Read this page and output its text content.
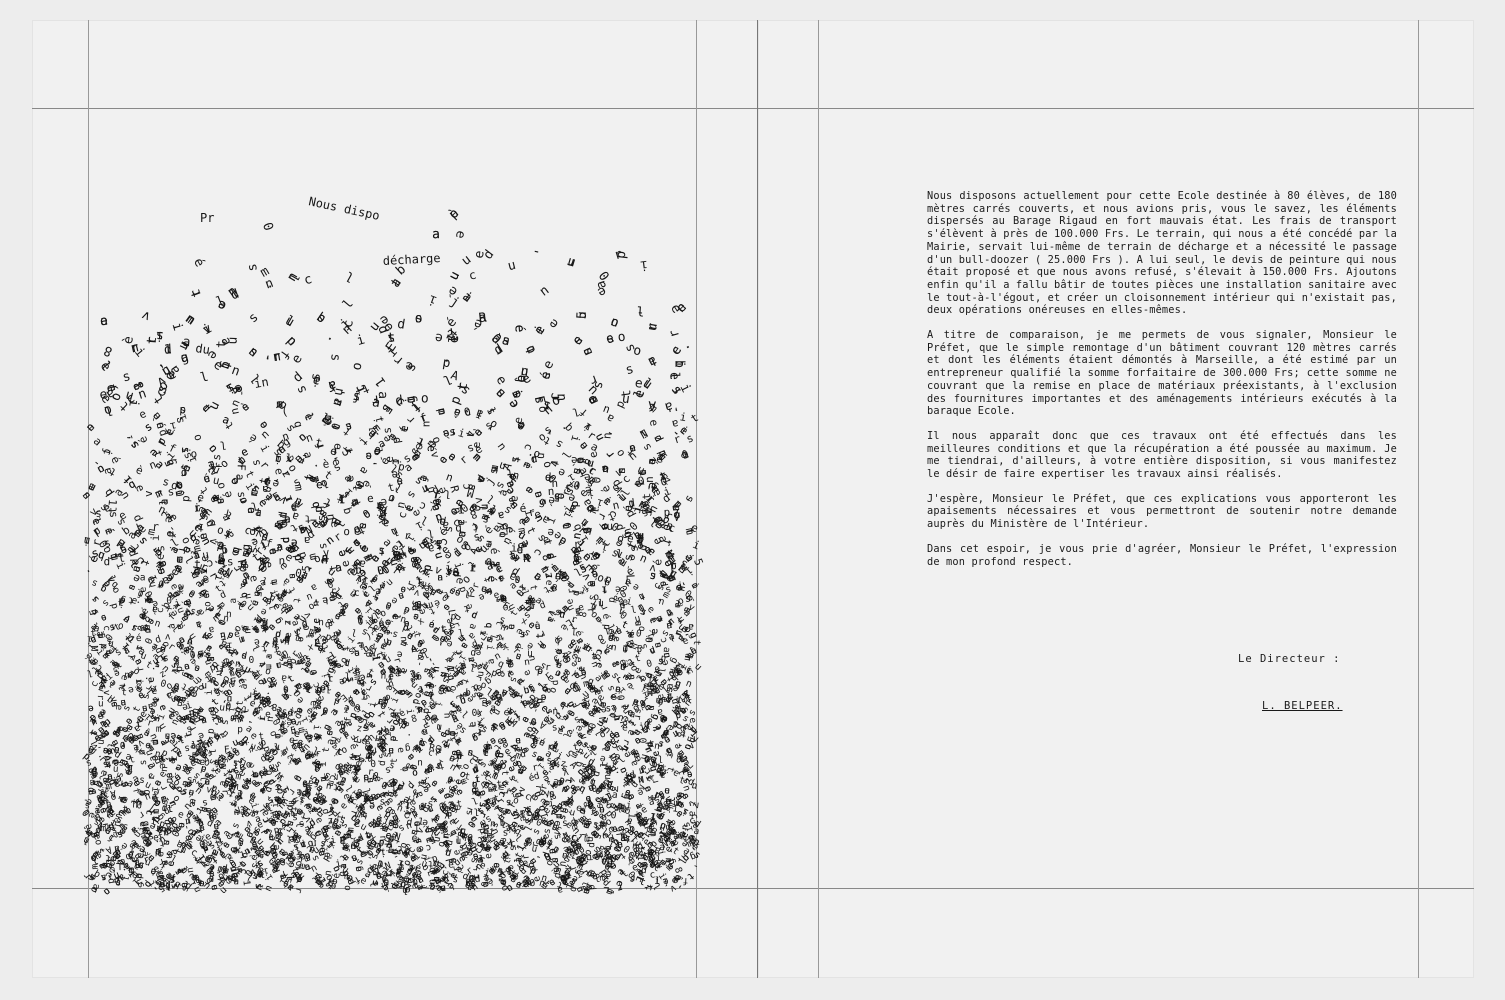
N
o
u
s
d
i
s
p
o
s
o
n
s
a
c
t
u
e
l
l
e
m
e
n
t
p
o
u
r
c
e
t
t
e
E
c
o
l
e
d
e
s
t
i
n
é
e
à
8
0
é
l
è
v
e
s
,
d
e
1
8
0
m
è
t
r
e
s
c
a
r
r
é
s
c
o
u
v
e
r
t
s
,
e
t
n
o
u
s
a
v
i
o
n
s
p
r
i
s
,	v
o
u
s	l
e
s
a
v
e
z
,
l
e
s
é
l
é
m
e
n
t
s
d
i
s
p
e
r
s
é
s
a
u
B
a
r
a
g
e
R
i
g
a
u
d
e
n
f
o
r
t
m
a
u
v
a
i
s
é
t
a
t
.
L
e
s
f
r
a
i
s
d
e
t
r
a
n
s
p
o
r
t
s
'
é
l
è
v
e
n
t
à
p
r
è
s
d
e
1
0
0
.
0
0
0
F
r
s
.
L
e
t
e
r
r
a
i
n
,
q
u
i
n
o
u
s
a
é
t
é
c
o
n
c
é
d
é
p
a
r
l
a
M
a
i
r	i
e
,
s
e
r
v
a
i
t
l
u
i
-
m
ê
m
e
d
e
t
e
r
r
a
i
n
d
e
d
é
c
h
a
r
g
e
e
t
a
n
é
c
e
s
s
i
t
é
l
e
p
a
s
s
a
g
e
d
'
u
n
b
u
l
l
-
d
o
o
z
e
r
(
2
5
.
0
0
0
F
r
s
)
.
A
l
u
i
s
e
u
l
,
l	e
d
e
v
i
s
d
e
p
e
i
n
t
u
r
e
q
u
i
n
o
u
s
é
t
a
i
t
p
r
o
p
o
s
é
e
t
q
u
e
n
o
u
s
a
v
o
n
s
r
e
f
u
s
é
,
s
'
é
l
e
v
a
i
t
à
1
5
0
.
0
0
0
F
r
s
.
A
j
o
u
t
o
n
s
e
n
f
i
n
q
u
'
i
l
a
f
a
l
l
u
b
â
t
i
r
d
e
t
o
u
t
e
s
p
i
è
c
e
s
u
n
e
i
n
s
t
a
l
l
a
t
i
o
n
s
a
n
i
t
a
i
r
e
a
v
e
c
l
e
t	o
u
t
-
à
-
l
'	é
g
o
u
t
,
e
t
c
r
é
e
r
u
n
c
l
o
i
s
o
n
n
e
m
e
n
t
i
n
t
é
r
i
e
u
r
q
u
i
n
'
e
x
i
s
t
a
i
t
p
a
s
,
d
e
u
x
o
p
é
r
a
t
i
o
n
s
o
n
é
r
e
u
s
e
s
e
n
e
l
l
e
s
-
m
ê
m
e
s
.
N
o
u
s
d
i
s
p
o
s
o
n
s
a
c
t
u
e
l
l
e
m
e
n
t
p
o
u
r
c
e
t
t
e
E
c
o
l
e
d
e
s
t
i
n
é
e
à
8
0
é
l
è
v
e
s
,
d
e
1
8
0
m
è
t
r
e
s
c
a
r
r
é
s
c
o
u
v
e
r
t
s
,
e
t
n
o
u
s
a
v
i
o
n
s
p
r
i
s
,
v
o
u
s
l
e
s
a
v
e
z
,
l
e
s
é
l
é
m
e
n
t
s
d
i
s
p
e
r
s
é
s
a
u
B
a
r
a
g
e
R
i
g
a
u
d
e
n
f
o
r
t
m
a
u
v
a	i
s
é
t
a
t
.
L
e
s
f
r
a
i
s
d
e
t
r
a n
s
p
o
r
t
s
'	é
l
è
v
e
n
t
à
p
r	è
s
d
e
1
0
0
.
0
0
0
F
r
s
.
L
e
t
e
r
r
a
i
n
,
q
u
i
n
o
u
s
a
é
t
é
c
o
n
c
é
d
é
p
a
r
l
a
M
a
i
r
i
e
,
s
e
r
v
a
i
t
l
u
i
-
m
ê
m
e
d
e
t
e
r
r
a	i
n
d
e
d
é
c
h
a
r
g
e
e
t
a
n
é
c
e
s
s
i
t
é	l
e
p
a
s
s
a
g
e
d
'
u
n
b
u
l
l
-
d
o
o
z
e
r
(
2
5
.	0
0
0
F
r
s
)
.
A
l	u
i
s
e
u
l
,
l
e
d
e
v
i	s
d
e
p
e
i
n
t
u
r
e
q
u
i
n
o
u
s
é
t
a
i
t
p
r
o
p
o
s
é
e
t
q
u
e
n
o
u	s
a
v
o
n
s
r
e
f
u
s
é
,
s
'
é
l
e
v
a
i
t
à
1
5
0
.
0
0
0
F
r
s
.
A
j
o
u
t
o
n
s
e
n
f
i
n
q
u
'
i
l
a
f
a
l
l
u
b
â
t
i
r
d
e
t
o
u
t
e
s
p
i
è
c
e
s
u
n
e
i
n
s
t
a
l
l
a
t
i
o
n
s
a
n
i
t
a
i
r
e
a
v
e
c
l
e
t
o
u
t
-
à
-
l
'
é
g
o
u
t
,
e	t
c
r
é
e
r
u
n
c
l
o
i
s
o
n
n
e
m
e
n
t
i
n
t
é
r
i
e
u
r
q
u
i
n
'
e
x
i
s
t
a
i
t
p
a
s
,
d
e
u
x
o
p
é
r
a
t
i
o
n
s
o
n
é
r
e
u
s
e
s
e
n
e
l
l
e
s
-
m
ê
m
e
s
.
N
o
u
s
d
i
s
p
o
s
o
n
s
a
c
t
u
e
l	l
e
m
e
n
t
p
o
u
r
c
e
t
t
e
E
c
o
l
e
d
e
s
t
i
n
é
e
à
8
0
é
l
è
v
e
s
,
d
e
1
8
0
m
è
t
r
e
s
c
a
r
r
é
s
c
o
u
v
e
r
t
s
,
e
t
n
o
u
s
a
v
i
o
n
s
p
r
i
s
,
v
o
u
s
l
e
s
a
v
e
z
,
l
e
s
é
l
é
m	e
n
t
s
d
i
s
p
e
r
s
é
s
a
u
B
a
r
a
g
e
R
i	g
a
u
d
e
n
f
o
r
t
m
a
u
v
a
i
s
é
t	a
t
.
L
e
s
f
r
a
i
s
d
e
t
r
a
n
s
p
o
r
t
s
'
é
l
è
v
e
n
t
à
p
r
è
s
d
e
1
0
0
.
0
0
0
F
r
s
.
L
e
t
e
r
r
a
i
n
,
q
u
i
n
o
u
s
a
é
t
é
c
o
n
c
é
d
é
p
a
r
l
a
M
a
i
r
i
e
,
s
e
r
v
a	i
t
l
u
i
-
m
ê
m
e
d
e
t
e
r
r
a
i
n
d
e	d
é
c
h
a
r
g
e
e
t
a
n
é
c
e
s
s
i
t
é
l
e
p
a
s
s
a
g
e
d
'
u
n
b
u
l
l
-
d
o
o
z
e
r
(
2
5
.
0
0
0
F
r
s
)
.
A
l
u
i	s
e
u
l
,
l
e
d
e
v
i
s
d
e
p
e
i	n
t
u
r
e
q
u
i
n
o
u
s	é
t
a
i
t
p
r
o
p
o
s
é
e
t
q
u
e
n
o
u
s
a
v
o
n
s
r
e
f
u
s
é
,
s
'
é
l
e
v
a
i
t
à
1
5
0
.
0
0
0
F
r
s
.
A
j
o
u
t
o
n
s
e
n
f
i
n
q
u
'	i
l
a
f
a
l
l
u
b
â
t
i
r
d
e
t
o
u
t
e
s
p
i
è
c
e
s
u
n
e
i
n
s
t
a
l
l
a
t
i
o
n
s
a
n
i
t
a
i
r
e
a
v
e
c
l
e
t
o
u
t
-
à
-
l
'
é
g
o
u
t
,
e
t
c
r
é
e
r
u
n
c
l
o
i
s
o
n
n
e
m
e
n
t
i
n
t
é
r
i
e
u
r
q
u	i
n
'
e
x
i
s
t
a
i
t
p
a
s
,
d
e
u
x
o
p
é
r
a
t
i
o
n
s
o
n
é
r
e
u
s
e
s
e
n
e
l
l
e
s
-
m
ê
m
e
s
.
N
o
u
s
d
i
s
p
o
s
o
n
s
a
c
t
u
e
l
l
e
m
e
n
t
p
o
u
r
c
e
t
t
e
E
c
o
l
e
d
e
s
t
i
n
é
e
à
8
0
é
l
è
v
e
s
,
d
e
1
8
0
m
è
t
r
e
s
c
a
r
r
é
s
c
o
u
v
e
r
t
s
,
e
t
n
o
u
s
a
v
i
o
n
s
p
r
i
s
,
v
o
u
s
l
e
s
a
v
e
z
,
l
e
s
é
l
é
m
e
n
t
s
d
i
s
p
e
r
s
é
s
a
u
B
a
r
a
g
e
R
i
g
a
u
d
e
n
f
o
r
t
m
a
u
v
a
i
s
é
t
a
t
.
L
e
s
f
r
a
i
s	d
e
t
r
a
n
s
p
o
r
t
s
'
é
l
è
v
e
n
t
à
p
r
è
s
d
e
1
0
0
.
0
0
0
F
r
s
.
L
e
t
e
r
r
a
i
n
,
q
u
i
n
o
u
s
a
é
t
é
c
o
n
c
é
d
é
p
a
r
l
a
M
a
i
r
i
e
,
s
e
r
v
a
i
t
l
u
i
-
m
ê
m
e
d
e
t
e
r
r
a
i
n
d
e
d
é
c
h
a
r
g
e
e
t
a
n
é
c
e
s
s
i
t
é
l
e
p
a
s
s
a
g
e
d
'
u
n
b
u
l
l
-
d
o
o
z
e
r
(
2
5
.
0
0
0
F
r
s
)
.
A
l
u
i
s
e
u
l
,
l
e
d
e
v
i
s
d
e
p
e
i
n
t
u
r
e
q
u
i
n
o
u
s
é
t
a
i
t
p
r
o
p
o
s
é
e
t
q
u
e
n
o
u
s
a
v
o
n
s
r
e
f
u
s
é
,
s
'
é
l
e
v
a
i
t
à
1
5
0
.
0
0
0
F
r
s
.
A
j
o
u
t
o
n	s
e
n	f
i
n
q
u
'
i
l
a
f
a
l
l
u
b
â
t
i
r
d
e
t
o
u
t
e
s
p
i
è
c
e
s
u
n
e
i
n
s
t
a
l
l
a
t
i
o
n
s
a
n
i
t
a
i
r
e
a
v
e
c
l
e
t
o
u
t
-
à
-
l
'
é
g
o
u
t
,
e
t
c
r
é	e
r
u
n
c
l
o
i
s
o
n
n
e
m
e
n
t
i
n
t
é
r
i
e
u
r
q
u
i
n
'
e
x
i
s
t
a
i
t
p
a
s
,
d
e
u
x
o
p
é
r
a
t
i
o
n
s
o
n
é
r
e
u
s
e
s
e
n
e
l
l
e
s
-
m
ê
m
e
s
.
N
o
u
s
d
i
s
p
o
s
o
n
s
a
c
t
u
e
l
l
e
m
e
n
t
p
o
u
r
c
e
t
t
e
E
c
o
l
e
d
e
s
t
i
n
é
e
à
8
0
é
l
è
v
e
s	,
d
e
1
8
0
m
è
t	r
e
s
c
a
r
r
é
s
c
o
u
v
e
r
t
s
,
e
t
n
o
u
s
a
v
i
o
n
s
p
r
i
s
,
v
o
u
s
l
e
s
a
v
e
z
,
l
e
s
é
l
é
m
e
n
t
s
d
i
s
p
e
r
s
é
s
a
u
B
a
r
a
g
e
R
i
g
a
u
d
e
n
f
o
r
t
m
a
u	v
a
i
s
é
t
a
t
.
L
e
s
f
r
a
i
s
d
e
t
r
a
n
s
p
o
r
t
s
'
é
l
è
v
e
n
t
à
p
r
è
s
d
e
1
0
0
.
0
0
0
F
r
s
.
L
e
t
e
r
r
a
i
n
,
q
u
i
n
o
u
s
a
é
t
é
c
o
n
c
é
d
é
p
a
r
l
a
M
a
i
r
i
e
,
s
e
r
v
a
i
t
l
u
i
-
m
ê
m
e
d
e
t
e
r
r
a
i
n
d
e
d
é
c
h
a
r
g
e
e
t
a
n
é
c
e
s
s
i
t
é
l
e
p
a
s
s
a
g
e
d
'
u
n
b
u
l
l
-
d
o
o
z
e
r
(
2
5
.
0
0
0
F
r
s
)
.
A
l
u
i
s
e
u
l
,
l
e
d
e
v
i
s
d
e
p
e
i
n
t
u
r
e
q
u
i
n
o
u
s
é
t
a
i
t
p
r	o
p
o
s
é
e
t
q
u
e
n
o
u
s
a
v
o
n
s
r
e
f
u
s
é
,
s
'
é
l
e
v
a
i	t
à
1
5
0
.
0
0
0
F
r
s
.
A
j
o
u
t
o
n
s
e
n
f
i
n
q
u
'	i
l
a
f
a
l
l
u
b
â
t
i
r
d
e
t
o
u
t
e
s
p
i
è
c
e
s
u
n
e
i
n
s
t
a
l
l
a
t
i
o
n
s
a
n
i
t
a
i
r
e
a
v
e
c
l
e
t
o
u
t
-
à
-
l
'
é
g
o
u
t
,
e
t
c
r
é
e
r
u
n
c
l
o
i
s
o
n
n
e
m
e
n
t
i
n
t
é
r
i
e
u
r
q
u
i
n
'
e	x
i
s
t
a
i
t
p
a
s
,
d
e
u
x
o
p
é
r
a
t
i
o
n
s
o
n
é
r
e
u
s
e
s
e
n
e
l
l
e
s
-
m
ê
m
e
s
.
N
o
u
s
d
i
s
p
o
s
o	n
s
a
c
t
u
e
l
l
e
m
e	n
t
p
o
u
r
c
e
t
t
e
E
c
o
l
e
d
e
s
t
i
n
é
e
à
8
0
é
l
è
v
e
s
,
d
e
1
8
0
m
è
t
r
e
s
c
a
r
r
é
s
c
o	u
v
e
r
t
s
,
e
t
n
o
u
s
a
v
i
o
n
s
p
r
i
s
,
v
o
u
s
l
e
s
a
v
e
z
,
l
e
s
é
l
é
m
e
n
t
s
d
i
s
p
e
r
s
é
s
a
u
B
a
r
a
g
e
R
i
g
a
u
d
e
n	f
o
r
t
m
a
u
v
a
i
s
é
t
a
t
.
L
e
s
f
r
a
i
s
d
e
t
r
a
n
s
p
o
r
t
s
'
é
l
è
v
e
n
t
à
p
r
è
s
d
e	1
0
0
.
0
0
0
F
r
s
.
L
e
t
e
r
r
a
i
n
,
q
u
i
n
o
u
s
a
é
t
é
c
o
n
c
é
d
é
p
a
r
l
a
M
a
i
r
i
e
,
s
e
r
v
a
i
t
l
u
i
-
m
ê
m
e
d
e
t
e
r
r
a
i
n
d
e
d
é
c
h
a
r
g
e
e
t
a
n
é
c
e
s
s
i
t
é
l
e
p
a
s
s
a
g
e
d
'
u
n
b
u
l
l
-
d
o
o
z
e
r
(
2
5
.
0
0
0
F
r
s
)
.
A
l
u
i
s
e
u
l
,
l
e
d
e
v
i
s
d
e
p
e
i
n
t
u
r
e
q
u
i
n
o
u
s
é
t
a
i
t
p
r
o
p
o
s
é
e
t
q
u
e
n
o
u
s
a
v
o
n
s
r
e
f
u
s
é
,
s
'
é
l
e
v
a
i
t
à
1
5
0
.
0
0
0
F
r
s
.
A
j
o
u
t
o
n
s
e
n
f
i	n
q
u '
i
l
a
f
a
l
l
u
b
â
t
i
r
d
e
t
o
u
t
e
s
p
i
è
c
e
s
u
n
e
i
n
s
t
a
l
l
a
t
i
o
n
s
a
n
i
t
a
i
r
e
a
v
e
c
l
e
t
o
u
t
-
à
-
l
'
é
g
o
u
t
,
e
t
c
r
é
e
r
u
n
c
l
o
i
s
o
n
n
e
m
e
n
t
i
n
t
é
r
i
e
u
r
q
u
i
n
'
e
x
i
s
t
a
i
t
p
a
s
,
d
e
u
x
o
p
é
r
a
t
i
o
n
s
o
n
é
r
e
u
s
e
s
e
n
e
l
l
e
s
-
m
ê
m
e
s
.
N
o
u
s
d
i
s
p
o
s
o
n	s
a
c
t
u
e
l
l
e
m
e
n
t
p
o
u
r
c
e
t
t
e
E
c
o
l
e
d
e
s
t
i
n
é
e
à
8
0
é
l
è
v
e
s
,	d
e
1
8
0
m
è
t
r
e
s
c
a
r
r
é
s
c
o
u
v
e
r
t
s
,
e
t
n
o
u
s	a
v
i
o
n
s
p
r
i
s
,
v
o
u
s
l
e
s
a
v
e
z
,
l
e
s
é
l
é
m
e
n
t
s
d
i
s
p
e
r
s
é
s
a
u
B
a
r
a
g
e
R
i
g
a
u
d
e
n
f
o
r
t
m
a
u
v
a
i
s
é
t
a
t
.
L
e
s
f
r
a
i
s
d
e
t
r
a
n
s
p
o
r
t
s
'
é
l	è
v
e
n
t
à
p
r
è
s
d
e
1
0
0
.
0
0
0
F
r
s
.
L
e
t
e
r
r	a
i
n
,
q
u
i
n
o
u
s
a
é
t
é
c
o
n
c
é
d
é
p
a
r
l
a
M
a
i
r
i
e
,
s
e
r
v
a
i
t
l
u
i
-
m
ê
m
e
d
e
t
e
r
r
a
i
n
d
e
d
é
c
h
a
r
g
e
e
t
a
n
é
c
e
s
s
i
t
é
l
e
p
a
s
s
a
g
e
d
'
u
n
b
u
l
l
-
d
o
o
z
e
r
(
2
5
.
0
0
0
F
r
s
)
.
A
l
u
i
s	e
u
l
,
l
e
d
e
v
i
s
d
e
p
e
i
n
t
u
r
e
q
u
i
n
o
u
s
é
t
a
i
t
p
r
o
p
o
s
é
e
t
q
u
e
n
o
u
s
a
v
o
n
s
r
e
f
u
s
é
,
s
'
é
l
e
v
a
i
t
à
1
5
0
.
0
0
0
F
r
s
.
A
j
o
u
t
o	n
s
e
n
f
i
n
q
u
'
i
l
a
f
a
l
l
u
b
â
t
i
r
d
e
t
o
u
t
e
s
p
i
è
c
e
s
u
n
e
i
n
s
t
a
l
l
a
t
i
o
n
s
a
n
i
t
a
i
r
e
a
v
e	c
l
e
t
o
u
t
-
à
-
l
'
é
g
o
u
t
,
e
t
c
r
é
e
r
u
n
c
l
o
i
s
o
n
n
e
m
e
n
t
i
n
t
é
r
i
e
u
r
q
u
i
n
'
e
x
i
s
t
a
i
t
p
a
s
,
d
e
u
x
o
p
é
r
a
t
i
o
n
s
o
n
é
r
e
u
s
e
s
e
n
e
l
l
e
s
-
m
ê
m
e
s
.
N
o
u
s
d
i
s
p
o
s
o
n
s
a
c
t
u
e
l
l
e
m
e
n
t
p
o
u
r
c
e
t
t
e
E
c
o
l
e
d
e
s
t
i
n
é
e
à
8
0
é
l
è
v
e
s
,
d
e
1
8
0
m
è
t
r
e
s
c
a
r
r
é
s
c
o
u
v
e
r
t
s
,
e
t
n
o
u
s
a
v
i
o
n
s
p
r
i
s
,
v
o
u
s
l
e
s
a
v
e
z
,
l
e
s
é
l
é
m
e
n
t
s
d
i
s
p
e
r
s
é
s
a
u
B
a
r
a
g
e
R
i
g
a
u
d
e
n
f
o
r
t
m
a
u
v
a
i
s
é
t
a
t
.
L
e
s
f
r
a
i
s
d
e
t
r
a
n
s
p
o
r
t
s
'
é
l
è
v
e
n
t
à
p
r
è
s
d
e
1
0
0
.
0
0
0
F
r
s
.
L
e
t
e
r
r
a
i
n
,
q u
i
n
o
u
s
a
é
t
é
c
o
n
c
é
d
é
p
a
r
l
a
M
a
i
r
i
e
,
s
e
r
v
a
i
t
l
u
i
-	m
ê
m
e
d
e
t
e
r
r
a
i
n
d
e
d
é
c
h
a
r
g
e
e
t
a
n
é
c
e
s
s
i
t
é
l
e
p
a
s
s
a
g
e
d
'
u
n
b
u
l
l
-
d
o
o
z
e
r
(
2
5
.
0
0
0
F
r
s
)
.
A
l
u
i
s
e
u
l
,
l
e
d
e
v
i
s
d
e
p
e
i
n
t
u
r
e
q
u
i
n
o
u
s
é
t
a
i
t
p
r
o
p
o
s
é
e
t
q
u
e
n
o
u
s
a
v
o
n
s
r
e
f
u
s
é
,	s
'
é
l
e
v
a
i
t
à
1
5
0
.
0
0
0
F
r
s
.
A
j
o
u
t
o
n
s
e
n
f
i
n
q
u
'
i
l
a
f	a
l
l
u
b
â
t
i
r
d
e
t
o
u
t
e
s
p
i
è
c
e
s
u
n
e
i
n
s
t
a
l
l
a
t
i
o
n
s
a
n
i
t
a
i
r
e
a
v
e
c
l
e
t
o
u
t
-
à
-
l
'
é
g
o
u
t
,
e
t
c
r
é
e
r
u
n
c
l
o
i
s
o
n
n
e
m
e
n
t
i
n
t
é
r
i
e
u
r
q
u
i
n
'
e
x
i
s
t
a
i
t
p
a
s
,
d
e
u
x
o
p
é
r
a
t
i
o
n
s
o
n
é
r
e
u
s
e
s
e
n
e
l
l
e
s
-
m
ê
m
e
s
.
N
o
u
s
d
i
s
p
o
s
o
n
s
a
c
t
u
e
l
l
e
m
e
n
t
p
o
u
r
c
e
t
t
e
E
c
o
l
e
d
e	s
t
i
n
é
e
à
8
0
é
l
è
v
e
s
,
d
e
1
8
0
m
è
t
r
e
s
c
a
r
r
é
s
c
o
u
v
e
r
t
s
,
e
t
n
o
u
s
a
v
i
o
n
s
p	r
i
s
,
v
o
u
s
l
e
s
a
v
e
z
,
l
e
s
é
l
é
m
e
n
t
s
d
i
s
p
e
r
s
é
s
a
u
B
a
r
a
g
e
R
i
g
a
u
d
e
n
f
o
r	t
m
a
u
v
a
i
s
é
t
a
t
.
L
e
s
f
r
a
i
s
d
e
t
r
a
n
s
p
o
r
t
s
'
é
l
è
v
e
n
t
à
p
r
è
s
d
e
1
0
0
.
0
0
0
F
r
s
.
L
e t
e
r
r
a
i
n
,
q
u
i
n
o
u
s
a
é
t
é
c
o
n
c
é
d
é
p
a
r
l
a
M
a
i
r
i
e
,
s
e
r
v
a
i
t
l
u
i
-
m
ê
m
e
d
e
t
e
r
r
a
i
n
d
e
d
é
c
h
a
r
g
e
e
t
a
n
é
c
e
s
s
i
t
é
l
e
p
a
s
s
a
g
e
d
'
u
n
b
u
l
l
-
d
o
o
z
e
r
(
2
5
.
0
0
0
F
r
s
)
.
A
l
u
i
s
e
u
l
,
l
e
d
e
v
i
s
d
e
p
e
i
n
t
u
r
e
q
u
i
n
o
u
s
é
t
a
i
t
p
r
o
p
o
s
é
e
t
q
u
e
n
o
u
s
a
v
o
n
s
r
e
f
u
s
é
,
s
'
é
l
e
v
a
i
t
à
1
5
0
.
0
0
0
F
r
s
.
A
j
o
u
t
o
n
s
e
n
f
i
n
q
u
'
i
l
a
f
a
l
l
u
b
â
t
i
r
d
e
t
o
u
t
e
s
p
i
è
c
e
s
u
n
e
i
n
s
t
a
l
l
a
t
i
o
n
s
a
n
i
t
a
i
r
e
a
v
e
c
l
e
t
o
u
t
-
à
-
l
'
é
g
o
u
t
,
e
t
c
r
é
e
r
u
n
c
l	o
i
s
o
n
n
e
m
e
n
t
i
n
t
é
r
i
e
u
r
q
u
i
n
'
e
x
i
s
t
a
i
t
p
a
s
,
d
e
u
x
o
p
é
r
a
t
i
o
n
s
o
n
é
r
e
u
s
e
s
e
n
e
l
l
e
s
-
m
ê
m
e
s
.
N
o
u
s
d
i
s
p
o
s
o
n
s
a
c
t
u
e
l
l
e
m
e
n
t
p
o
u
r
c
e
t
t
e
E
c
o
l
e
d
e
s
t
i
n
é
e
à
8
0
é
l
è
v
e
s
,
d
e
1
8
0
m
è
t
r
e
s
c
a
r
r
é
s
c
o
u
v
e
r
t
s
,
e
t
n
o
u
s
a
v
i
o
n
s
p
r
i
s
,
v
o
u
s
l
e
s
a
v
e
z
,
l
e
s
é
l
é
m
e
n
t
s
d
i
s
p
e
r
s
é
s
a
u
B
a
r
a
g
e
R
i
g
a
u
d
e
n
f
o
r
t
m
a
u
v
a
i
s
é
t
a
t
.
L
e
s
f
r
a
i
s
d
e
t
r
a
n
s
p	o
r
t	s
'
é
l
è
v
e
n
t
à
p
r
è
s
d
e
1
0
0
.
0
0
0
F
r
s
.
L
e
t
e
r
r
a
i
n
,
q
u
i
n
o
u
s
a
é
t
é
c
o
n
c
é
d
é
p
a
r
l
a
M
a
i
r
i
e
,
s
e
r
v
a
i
t
l
u
i
-
m
ê
m
e
d	e
t
e
r
r
a
i
n
d
e
d
é
c
h
a
r
g
e
e
t
a
n
é
c
e
s
s
i
t
é
l
e
p
a
s
s
a
g
e
d
'
u
n
b
u
l
l
-
d
o
o
z
e
r
(
2
5
.
0
0
0
F
r
s
)
.
A
l
u
i
s
e
u
l
,
l
e
d
e
v
i
s
d
e
p
e
i
n
t
u
r
e
q
u
i
n
o
u
s
é
t
a
i
t
p
r
o
p
o
s
é
e
t
q
u
e
n
o
u
s
a
v
o
n
s
r
e
f
u
s
é
,
s
'
é
l	e
v
a
i
t
à
1
5
0	.
0
0
0
F
r
s
.
A
j
o
u
t
o
n
s
e
n
f
i
n
q
u
'
i
l
a
f
a
l
l
u
b
â
t
i
r
d
e
t
o
u
t
e
s
p
i
è
c
e
s
u
n
e
i
n
s
t
a
l
l
a
t
i
o
n
s
a
n
i
t
a
i
r
e
a
v
e
c
l
e
t
o
u
t
-
à
-
l
'	é
g
o
u
t
,
e
t
c
r
é
e
r
u
n
c
l
o
i
s
o
n
n
e
m
e
n
t
i
n
t
é
r
i
e
u
r
q
u
i
n
'
e
x
i
s
t
a
i
t
p
a
s
,
d
e
u
x
o
p
é
r
a
t
i
o
n
s
o
n
é
r
e
u
s
e
s
e
n
e
l
l
e
s
-
m
ê
m
e
s
.
N
o
u
s
d
i
s
p
o
s
o
n
s
a
c
t
u
e
l
l
e
m
e
n
t
p
o
u
r
c
e
t
t
e
E
c
o
l
e
d
e
s
t
i
n
é
e
à
8
0
é
l
è
v
e
s
,
d
e
1
8
0
m
è
t
r
e
s
c
a
r
r
é
s
c
o
u
v
e
r
t
s
,
e
t
n
o
u
s
a
v
i
o
n
s
p
r
i
s
,
v
o
u
s
l
e
s
a
v
e
z
,
l
e
s
é
l
é
m
e
n
t
s
d
i
s	p
e
r
s
é
s
a
u
B
a
r
a
g
e
R
i
g
a
u
d
e
n
f
o
r
t
m
a
u
v
a
i
s
é	t
a
t
.
L
e
s
f
r
a
i
s
d
e
t
r
a
n
s
p
o
r
t
s
'
é
l
è
v	e
n
t
à
p
r
è
s
d
e
1
0
0
.
0
0
0
F
r
s
.
L
e
t
e
r
r
a
i
n
,
q
u
i
n
o
u
s
a
é
t
é
c
o
n
c
é
d
é
p
a
r
l
a
M
a
i
r
i
e
,
s
e
r
v
a
i
t
l
u
i
-
m
ê
m
e
d
e
t
e
r
r
a
i
n
d
e
d
é
c
h
a
r
g
e
e
t
a
n
é
c
e
s
s
i
t
é
l
e	p
a
s
s
a
g
e
d
'
u
n
b
u
l
l
-
d
o
o
z
e
r
(
2
5
.
0
0
0
F
r
s
)
.
A
l
u
i
s
e
u
l
,
l
e
d
e
v
i
s
d
e
p
e
i
n
t
u
r	e
q
u
i
n
o
u
s
é
t
a
i	t
p
r
o
p
o
s
é
e
t
q
u
e
n
o
u
s
a
v
o
n
s
r
e
f
u
s
é
,
s
'
é
l
e
v
a
i
t
à
1
5
0
.
0
0
0
F
r
s
.
A
j
o	u
t
o
n
s
e
n
f
i
n
q
u
'
i
l
a
f
a
l
l
u
b
â
t
i
r
d
e
t
o
u
t
e
s
p
i
è
c
e
s
u
n
e
i
n
s
t
a
l
l
a
t
i
o
n
s
a
n
i
t
a
i
r
e
a
v
e
c
l
e
t
o	u
t
-
à
-
l
'
é
g
o
u
t
,
e
t
c
r
é
e
r
u
n
c
l
o
i
s
o
n
n
e
m
e
n
t
i
n
t
é
r
i
e
u
r
q
u
i
n
'
e
x	i
s
t
a
i
t
p
a
s
,
d
e
u
x
o
p
é
r
a
t
i
o
n
s
o
n
é
r
e
u
s
e
s
e
n
e
l
l
e
s
-
m
ê
m
e
s
.
N
o
u
s
d
i
s
p
o
s
o
n
s
a
c
t
u
e
l
l
e
m
e
n
t
p
o
u
r
c
e
t
t
e
E
c
o
l
e
d
e
s
t
i
n
é
e
à
8
0
é
l
è
v
e
s
,
d
e
1
8
0
m
è
t
r
e
s
c
a
r
r
é
s
c
o
u
v
e
r
t
s
,
e
t
n
o
u
s
a
v
i
o
n
s
p
r
i
s
,
v
o
u
s
l
e
s
a
v
e
z
,
l
e
s
é
l
é
m
e
n
t
s
d
i
s
p
e
r
s
é
s
a
u
B
a
r
a
g
e
R
i
g
a
u
d
e
n
f
o
r
t
m
a
u
v
a
i
s
é
t
a
t
.
L
e
s
f
r
a
i
s
d
e
t
r
a
n
s
p
o
r
t
s
'	é
l
è v
e
n
t
à
p
r
è
s
d
e
1
0
0
.
0
0
0
F
r
s
.
L
e
t
e
r
r
a
i
n
,
q
u
i
n
o
u
s
a
é
t
é
c
o
n
c
é
d
é
p
a
r
l
a
M
a
i
r
i
e
,
s
e
r
v
a
i
t
l
u
i
-
m
ê
m
e
d
e
t
e
r
r
a
i
n
d
e
d
é
c
h
a
r
g
e
e
t
a
n
é
c
e
s
s
i
t
é
l
e
p
a
s
s
a
g
e
d
'
u
n
b
u
l
l
-
d
o
o
z
e
r
(
2
5
.
0
0
0
F
r
s
)
.
A
l
u
i
s
e
u
l
,
l
e
d
e
v
i
s
d
e
p
e
i
n
t
u
r
e	q
u
i
n
o
u
s
é
t
a
i
t
p
r
o
p
o
s
é
e
t
q
u
e
n
o
u
s
a
v
o
n
s
r
e
f
u
s
é
,
s
'
é
l
e	v
a
i
t
à
1
5
0
.
0
0
0
F
r
s
.
A
j
o
u
t
o
n
s
e
n
f
i
n
q
u
'	i
l
a
f
a
l
l
u
b
â
t
i
r
d
e
t
o
u
t
e
s
p
i
è
c
e
s
u
n
e
i
n
s
t
a
l
l
a
t
i
o
n
s
a
n
i
t
a
i
r
e
a
v
e
c
l
e
t
o
u
t
-
à
-
l
'
é
g
o
u
t
,
e
t
c
r
é
e
r
u
n
c
l
o
i
s
o
n
n
e
m
e
n
t
i
n
t
é	r
i
e
u
r
q
u
i
n
'
e
x
i
s
t
a
i
t
p
a
s
,
d
e
u
x
o
p
é	r
a
t
i
o
n
s
o
n
é
r
e
u
s
e
s
e
n
e
l
l
e
s
-
m
ê
m
e
s
.
N
o
u
s
d
i
s
p
o
s
o
n
s
a
c
t
u
e
l
l
e
m
e
n
t
p
o
u
r
c
e
t
t
e
E
c
o
l
e
d
e
s
t
i
n
é
e
à
8
0
é
l
è
v
e
s
,
d
e
1
8
0
m
è
t
r
e
s
c
a
r
r
é
s
c
o
u
v
e
r
t
s
,
e
t
n
o
u
s
a
v	i
o
n
s
p
r
i
s
,
v
o
u
s
l
e
s
a
v
e
z
,
l
e
s
é
l
é
m
e
n
t
s
d
i
s
p
e
r
s
é
s
a
u
B
a
r
a
g
e
R
i
g
a
u
d
e
n
f
o
r
t
m
a
u
v
a
i
s
é
t
a
t
.
L
e
s
f
r
a
i
s
d
e
t
r
a
n
s	p
o
r
t
s
'
é
l
è
v
e
n
t
à
p
r
è
s
d
e
1
0
0
.
0
0
0
F
r
s
.
L
e
t
e
r
r
a
i
n
,
q
u
i
n
o
u
s
a
é
t
é
c
Nous dispo
décharge
Pr
in
du
A
c
l

Nous disposons actuellement pour cette Ecole destinée à 80 élèves, de 180 mètres carrés couverts, et nous avions pris, vous le savez, les éléments dispersés au Barage Rigaud en fort mauvais état. Les frais de transport s'élèvent à près de 100.000 Frs. Le terrain, qui nous a été concédé par la Mairie, servait lui-même de terrain de décharge et a nécessité le passage d'un bull-doozer ( 25.000 Frs ). A lui seul, le devis de peinture qui nous était proposé et que nous avons refusé, s'élevait à 150.000 Frs. Ajoutons enfin qu'il a fallu bâtir de toutes pièces une installation sanitaire avec le tout-à-l'égout, et créer un cloisonnement intérieur qui n'existait pas, deux opérations onéreuses en elles-mêmes.

A titre de comparaison, je me permets de vous signaler, Monsieur le Préfet, que le simple remontage d'un bâtiment couvrant 120 mètres carrés et dont les éléments étaient démontés à Marseille, a été estimé par un entrepreneur qualifié la somme forfaitaire de 300.000 Frs; cette somme ne couvrant que la remise en place de matériaux préexistants, à l'exclusion des fournitures importantes et des aménagements intérieurs exécutés à la baraque Ecole.

Il nous apparaît donc que ces travaux ont été effectués dans les meilleures conditions et que la récupération a été poussée au maximum. Je me tiendrai, d'ailleurs, à votre entière disposition, si vous manifestez le désir de faire expertiser les travaux ainsi réalisés.

J'espère, Monsieur le Préfet, que ces explications vous apporteront les apaisements nécessaires et vous permettront de soutenir notre demande auprès du Ministère de l'Intérieur.

Dans cet espoir, je vous prie d'agréer, Monsieur le Préfet, l'expression de mon profond respect.

Le Directeur :
L. BELPEER.
